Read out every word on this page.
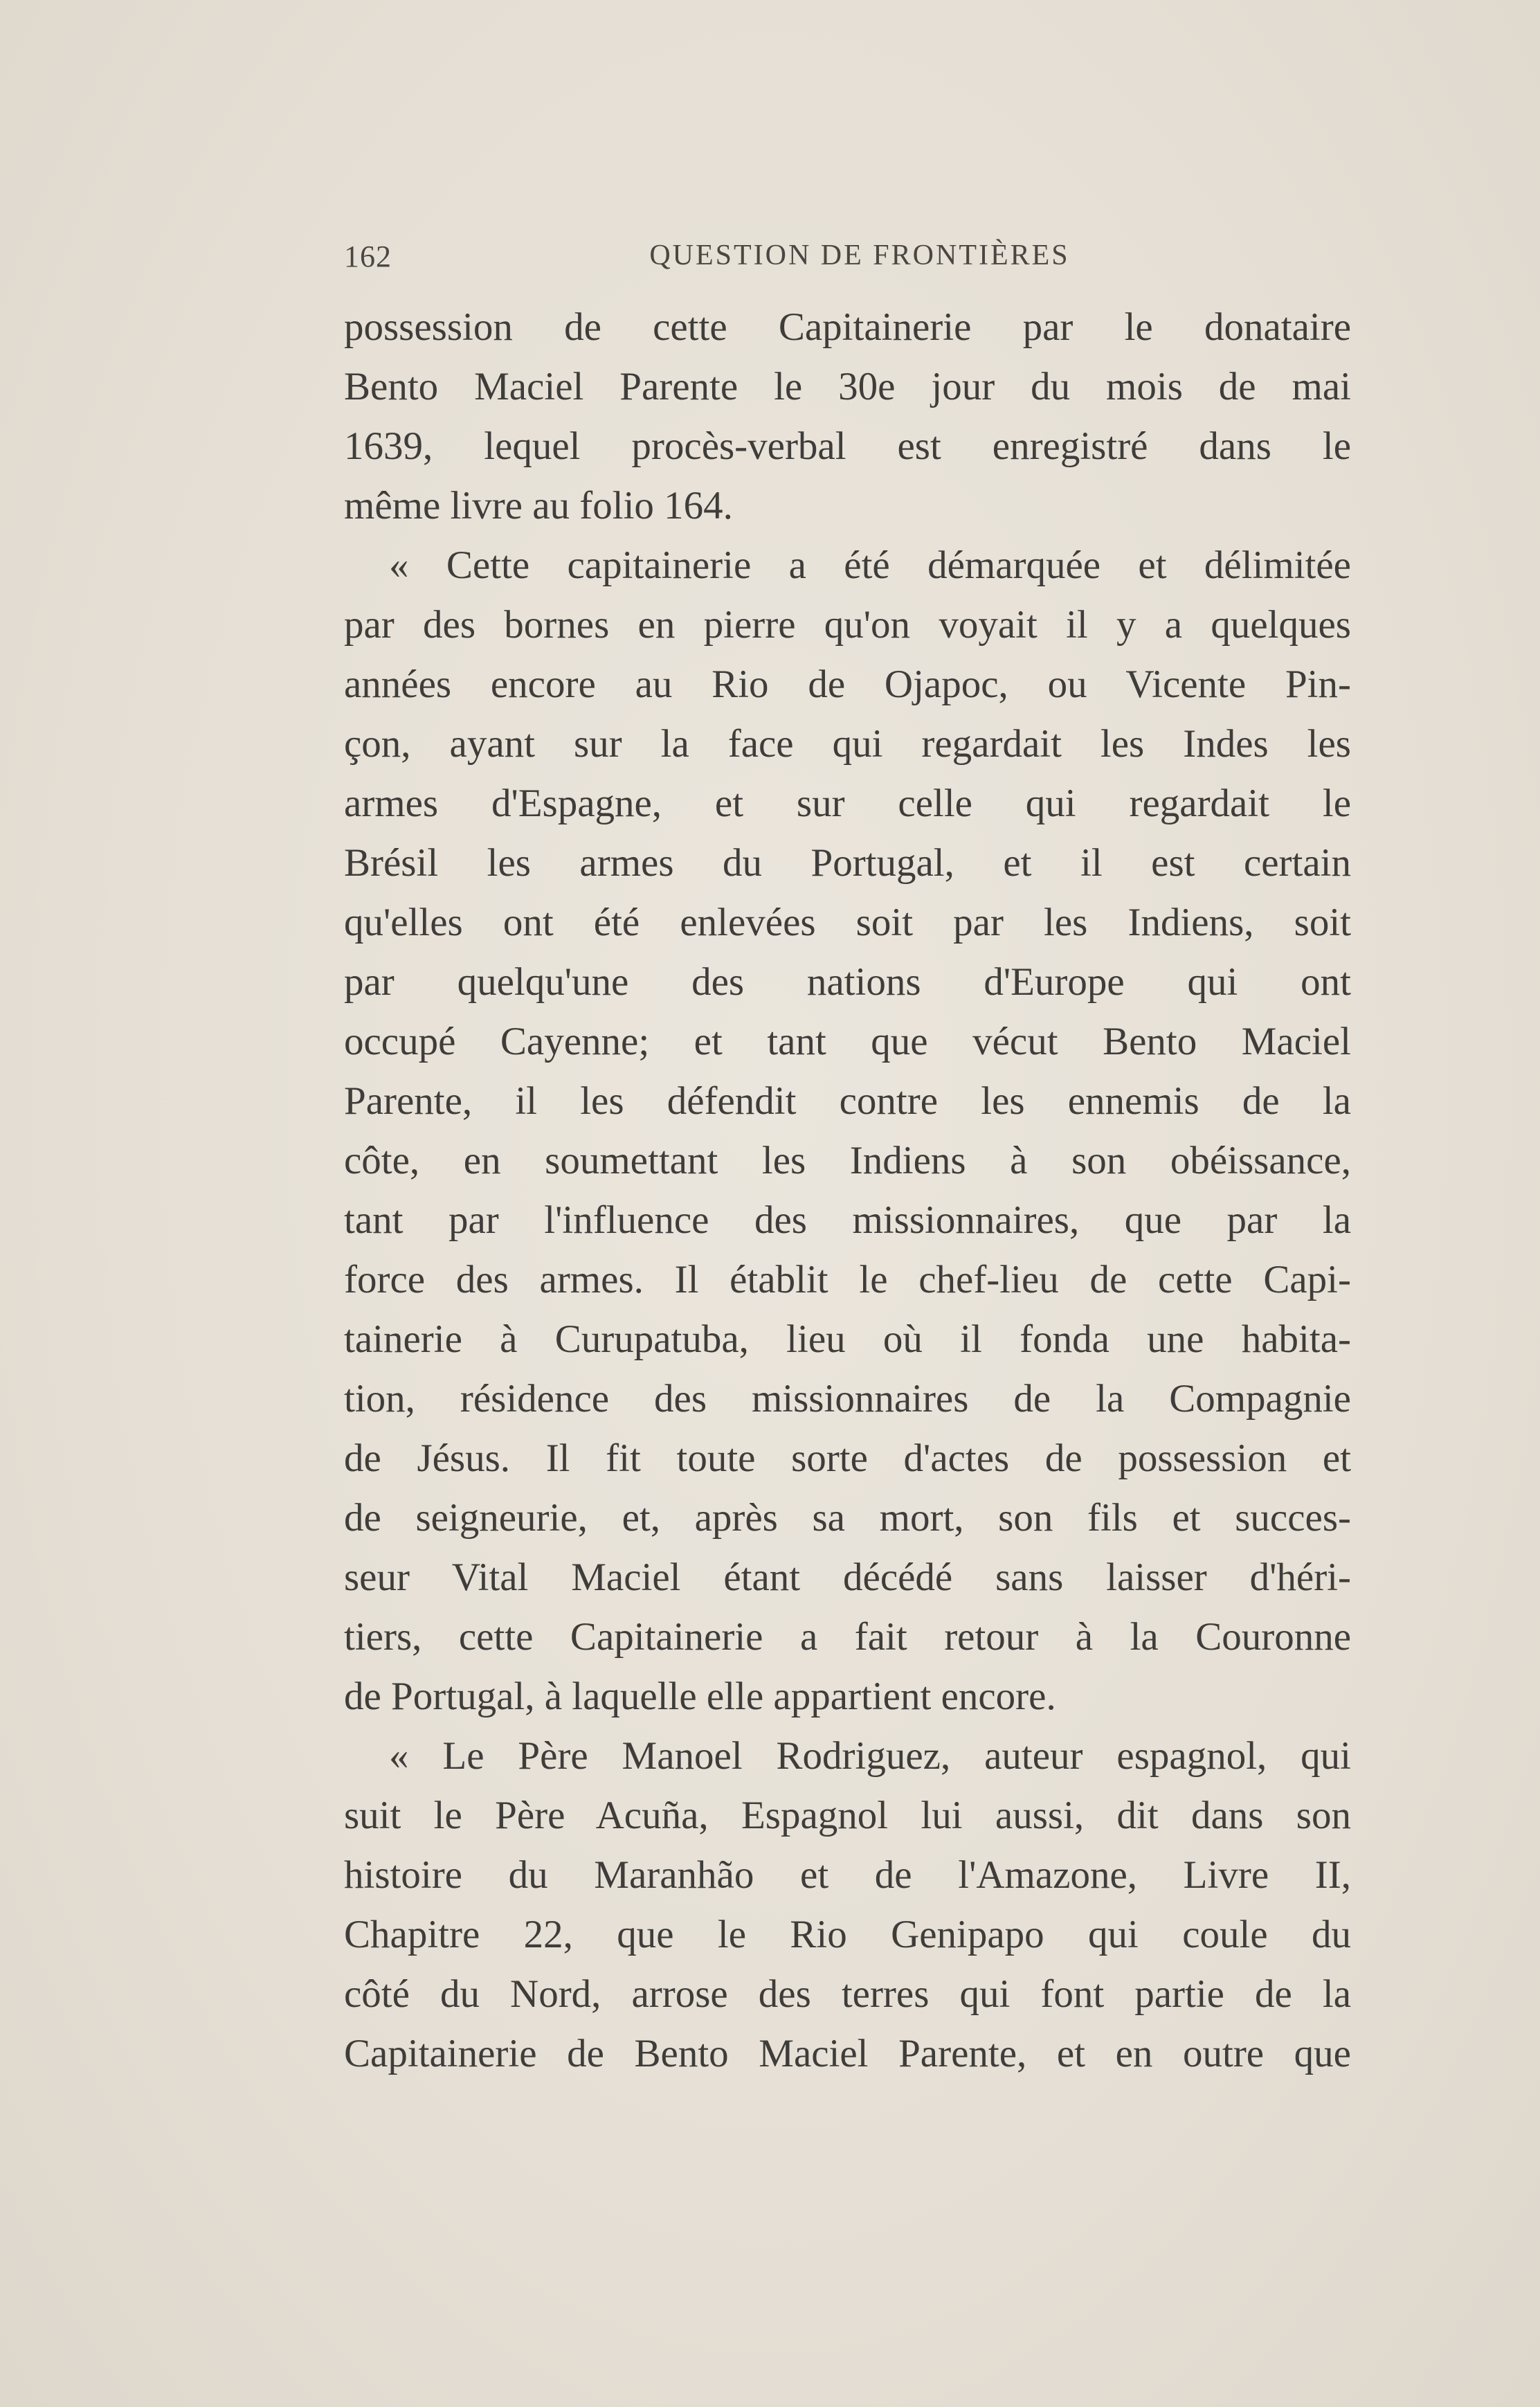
162	QUESTION DE FRONTIÈRES
possession de cette Capitainerie par le donataire
Bento Maciel Parente le 30e jour du mois de mai
1639, lequel procès-verbal est enregistré dans le
même livre au folio 164.
« Cette capitainerie a été démarquée et délimitée
par des bornes en pierre qu'on voyait il y a quelques
années encore au Rio de Ojapoc, ou Vicente Pin-
çon, ayant sur la face qui regardait les Indes les
armes d'Espagne, et sur celle qui regardait le
Brésil les armes du Portugal, et il est certain
qu'elles ont été enlevées soit par les Indiens, soit
par quelqu'une des nations d'Europe qui ont
occupé Cayenne; et tant que vécut Bento Maciel
Parente, il les défendit contre les ennemis de la
côte, en soumettant les Indiens à son obéissance,
tant par l'influence des missionnaires, que par la
force des armes. Il établit le chef-lieu de cette Capi-
tainerie à Curupatuba, lieu où il fonda une habita-
tion, résidence des missionnaires de la Compagnie
de Jésus. Il fit toute sorte d'actes de possession et
de seigneurie, et, après sa mort, son fils et succes-
seur Vital Maciel étant décédé sans laisser d'héri-
tiers, cette Capitainerie a fait retour à la Couronne
de Portugal, à laquelle elle appartient encore.
« Le Père Manoel Rodriguez, auteur espagnol, qui
suit le Père Acuña, Espagnol lui aussi, dit dans son
histoire du Maranhão et de l'Amazone, Livre II,
Chapitre 22, que le Rio Genipapo qui coule du
côté du Nord, arrose des terres qui font partie de la
Capitainerie de Bento Maciel Parente, et en outre que
